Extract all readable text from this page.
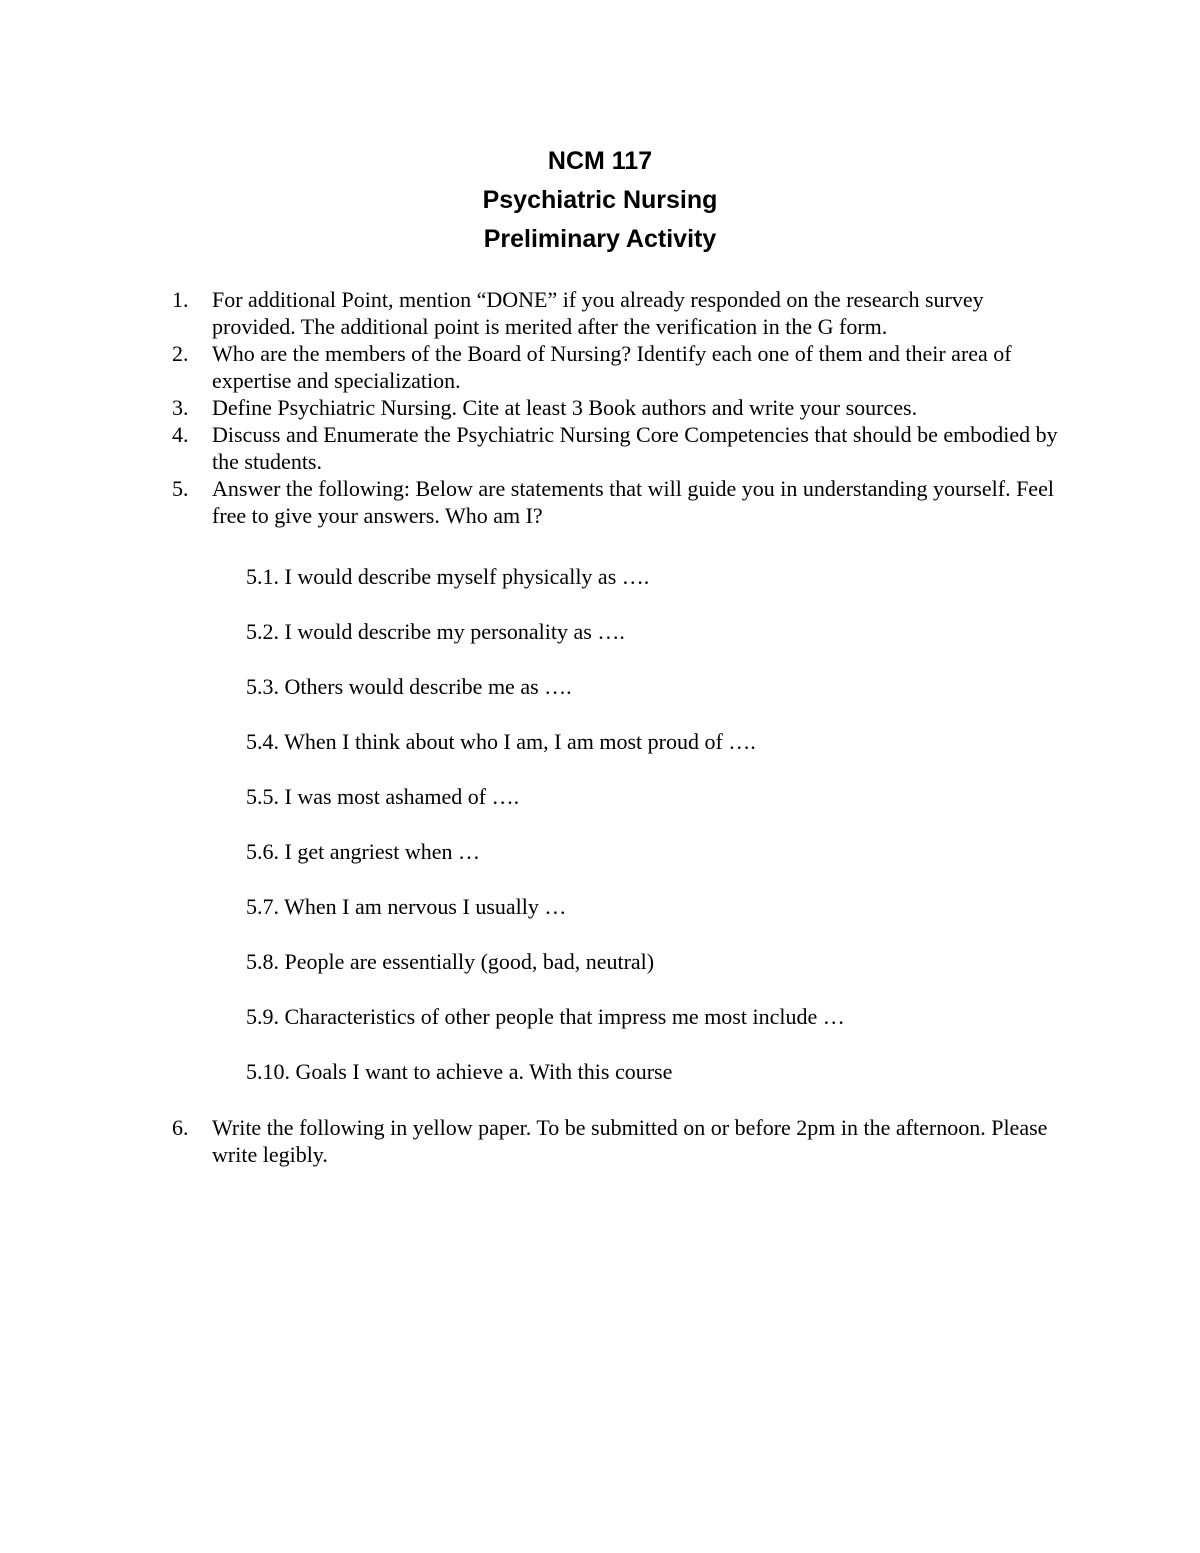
NCM 117
Psychiatric Nursing
Preliminary Activity
1. For additional Point, mention “DONE” if you already responded on the research survey provided. The additional point is merited after the verification in the G form.
2. Who are the members of the Board of Nursing? Identify each one of them and their area of expertise and specialization.
3. Define Psychiatric Nursing. Cite at least 3 Book authors and write your sources.
4. Discuss and Enumerate the Psychiatric Nursing Core Competencies that should be embodied by the students.
5. Answer the following: Below are statements that will guide you in understanding yourself. Feel free to give your answers. Who am I?
5.1. I would describe myself physically as ….
5.2. I would describe my personality as ….
5.3. Others would describe me as ….
5.4. When I think about who I am, I am most proud of ….
5.5. I was most ashamed of ….
5.6. I get angriest when …
5.7. When I am nervous I usually …
5.8. People are essentially (good, bad, neutral)
5.9. Characteristics of other people that impress me most include …
5.10. Goals I want to achieve a. With this course
6. Write the following in yellow paper. To be submitted on or before 2pm in the afternoon. Please write legibly.
